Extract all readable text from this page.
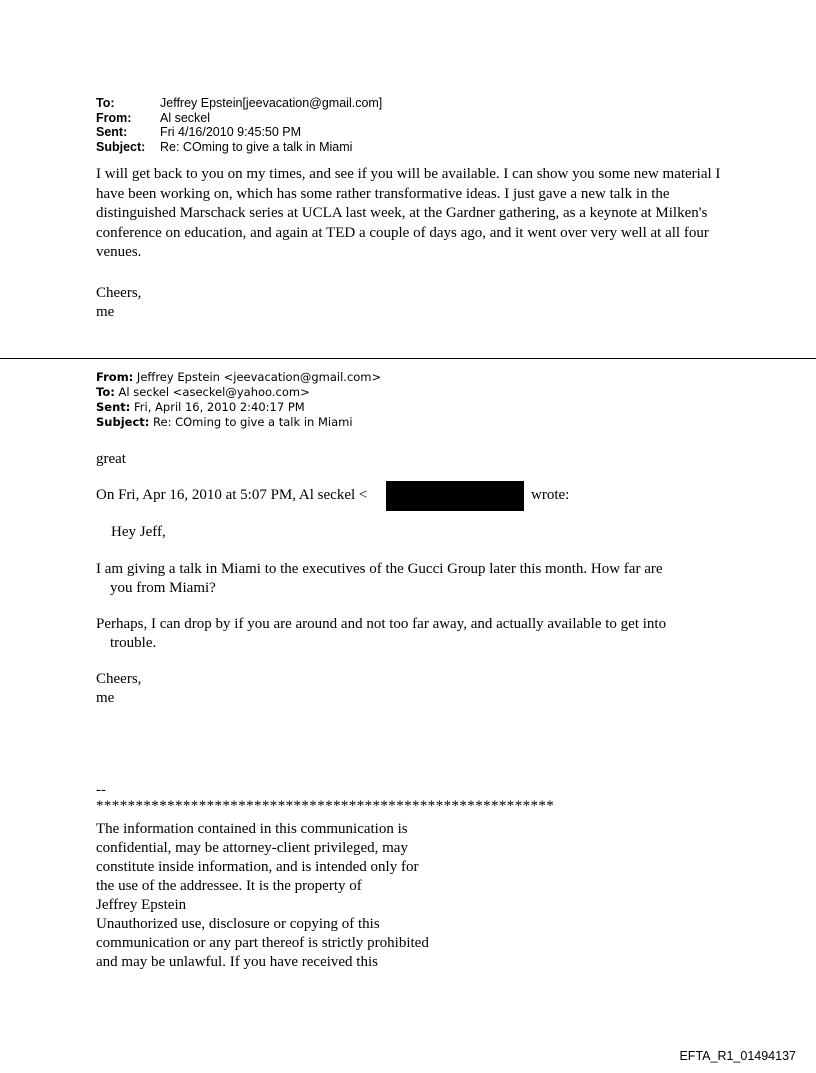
To:	Jeffrey Epstein[jeevacation@gmail.com]
From:	Al seckel
Sent:	Fri 4/16/2010 9:45:50 PM
Subject:	Re: COming to give a talk in Miami

I will get back to you on my times, and see if you will be available. I can show you some new material I have been working on, which has some rather transformative ideas. I just gave a new talk in the distinguished Marschack series at UCLA last week, at the Gardner gathering, as a keynote at Milken's conference on education, and again at TED a couple of days ago, and it went over very well at all four venues.

Cheers,
me
From: Jeffrey Epstein <jeevacation@gmail.com>
To: Al seckel <aseckel@yahoo.com>
Sent: Fri, April 16, 2010 2:40:17 PM
Subject: Re: COming to give a talk in Miami
great
On Fri, Apr 16, 2010 at 5:07 PM, Al seckel <	wrote:
Hey Jeff,
I am giving a talk in Miami to the executives of the Gucci Group later this month. How far are
you from Miami?
Perhaps, I can drop by if you are around and not too far away, and actually available to get into
trouble.
Cheers,
me
--
**********************************************************
The information contained in this communication is
confidential, may be attorney-client privileged, may
constitute inside information, and is intended only for
the use of the addressee. It is the property of
Jeffrey Epstein
Unauthorized use, disclosure or copying of this
communication or any part thereof is strictly prohibited
and may be unlawful. If you have received this
EFTA_R1_01494137
